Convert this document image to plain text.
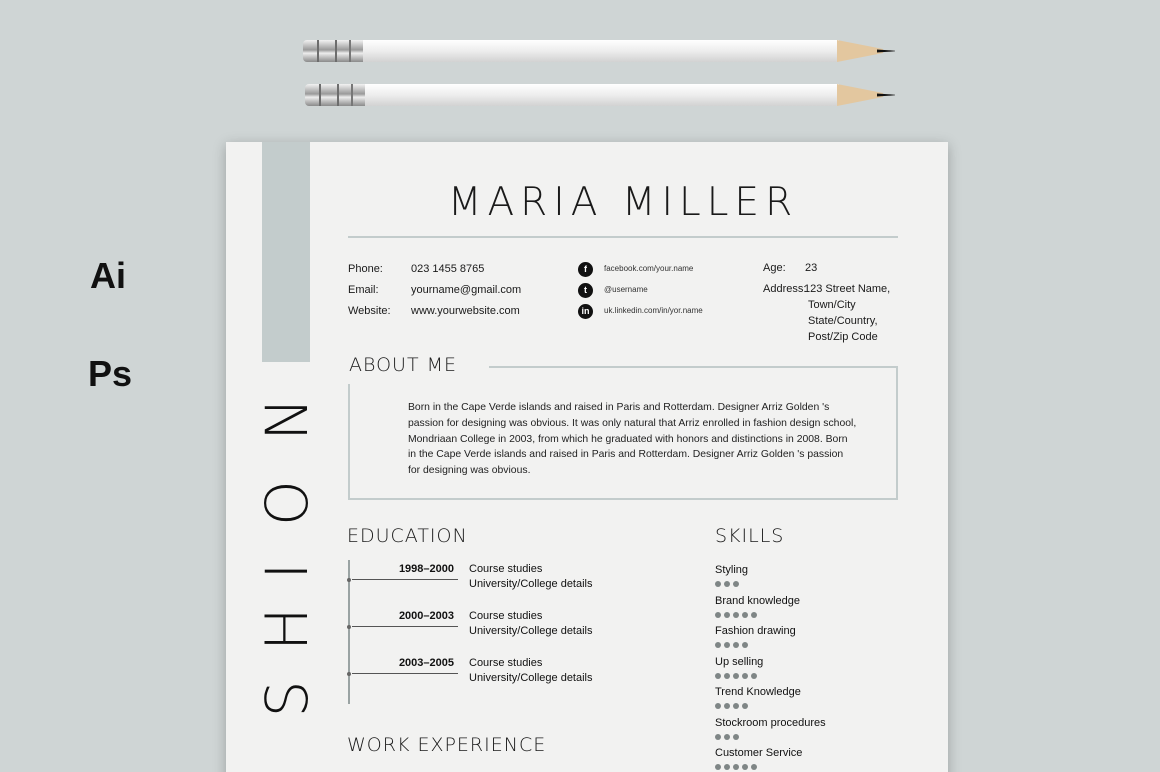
Ai
Ps
N
O
I
H
S
MARIA MILLER
Phone:	023 1455 8765
Email:	yourname@gmail.com
Website: www.yourwebsite.com
f	facebook.com/your.name
t	@username
in	uk.linkedin.com/in/yor.name
Age: 23
Address:
123 Street Name,
Town/City
State/Country,
Post/Zip Code
ABOUT ME
Born in the Cape Verde islands and raised in Paris and Rotterdam. Designer Arriz Golden 's passion for designing was obvious. It was only natural that Arriz enrolled in fashion design school, Mondriaan College in 2003, from which he graduated with honors and distinctions in 2008. Born in the Cape Verde islands and raised in Paris and Rotterdam. Designer Arriz Golden 's passion for designing was obvious.
EDUCATION
1998–2000 Course studies
University/College details
2000–2003 Course studies
University/College details
2003–2005 Course studies
University/College details
SKILLS
Styling
Brand knowledge
Fashion drawing
Up selling
Trend Knowledge
Stockroom procedures
Customer Service
WORK EXPERIENCE
